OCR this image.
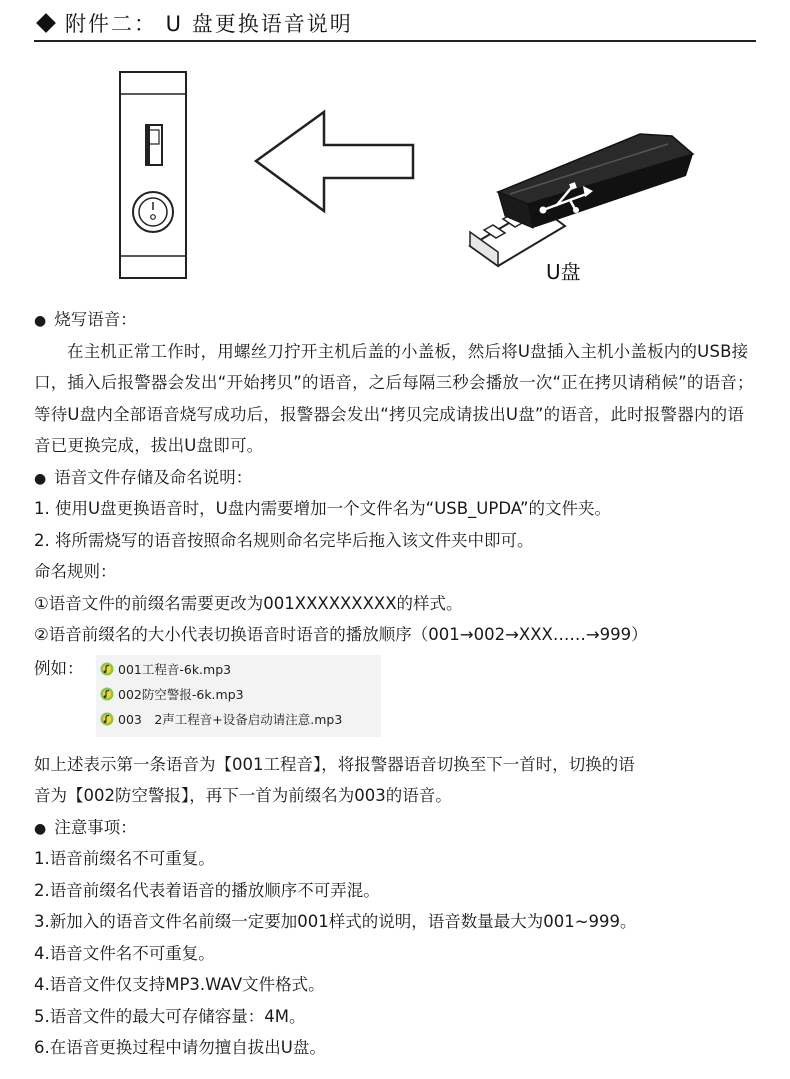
附件二： U 盘更换语音说明
U盘
● 烧写语音：
在主机正常工作时，用螺丝刀拧开主机后盖的小盖板，然后将U盘插入主机小盖板内的USB接口，插入后报警器会发出“开始拷贝”的语音，之后每隔三秒会播放一次“正在拷贝请稍候”的语音；等待U盘内全部语音烧写成功后，报警器会发出“拷贝完成请拔出U盘”的语音，此时报警器内的语音已更换完成，拔出U盘即可。
● 语音文件存储及命名说明：
1. 使用U盘更换语音时，U盘内需要增加一个文件名为“USB_UPDA”的文件夹。
2. 将所需烧写的语音按照命名规则命名完毕后拖入该文件夹中即可。
命名规则：
①语音文件的前缀名需要更改为001XXXXXXXXX的样式。
②语音前缀名的大小代表切换语音时语音的播放顺序（001→002→XXX……→999）
例如：	001工程音-6k.mp3
002防空警报-6k.mp3
003　2声工程音+设备启动请注意.mp3
如上述表示第一条语音为【001工程音】，将报警器语音切换至下一首时，切换的语
音为【002防空警报】，再下一首为前缀名为003的语音。
● 注意事项：
1.语音前缀名不可重复。
2.语音前缀名代表着语音的播放顺序不可弄混。
3.新加入的语音文件名前缀一定要加001样式的说明，语音数量最大为001~999。
4.语音文件名不可重复。
4.语音文件仅支持MP3.WAV文件格式。
5.语音文件的最大可存储容量：4M。
6.在语音更换过程中请勿擅自拔出U盘。
